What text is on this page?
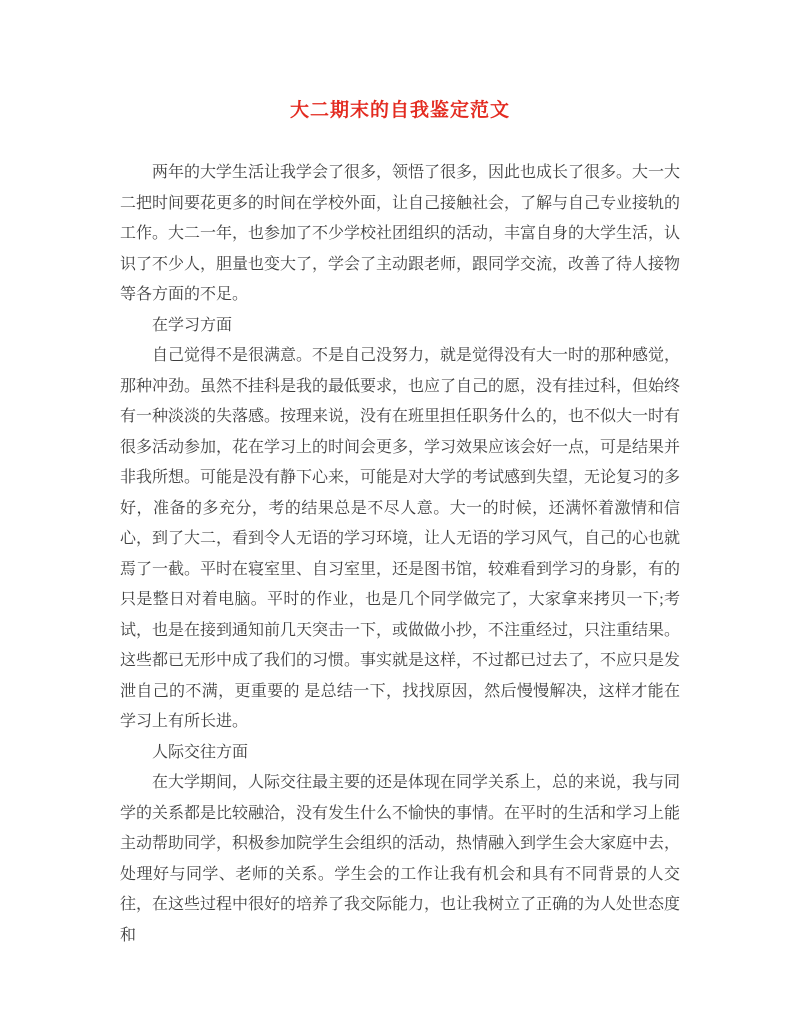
大二期末的自我鉴定范文

两年的大学生活让我学会了很多，领悟了很多，因此也成长了很多。大一大二把时间要花更多的时间在学校外面，让自己接触社会，了解与自己专业接轨的工作。大二一年，也参加了不少学校社团组织的活动，丰富自身的大学生活，认识了不少人，胆量也变大了，学会了主动跟老师，跟同学交流，改善了待人接物等各方面的不足。

在学习方面

自己觉得不是很满意。不是自己没努力，就是觉得没有大一时的那种感觉，那种冲劲。虽然不挂科是我的最低要求，也应了自己的愿，没有挂过科，但始终有一种淡淡的失落感。按理来说，没有在班里担任职务什么的，也不似大一时有很多活动参加，花在学习上的时间会更多，学习效果应该会好一点，可是结果并非我所想。可能是没有静下心来，可能是对大学的考试感到失望，无论复习的多好，准备的多充分，考的结果总是不尽人意。大一的时候，还满怀着激情和信心，到了大二，看到令人无语的学习环境，让人无语的学习风气，自己的心也就焉了一截。平时在寝室里、自习室里，还是图书馆，较难看到学习的身影，有的只是整日对着电脑。平时的作业，也是几个同学做完了，大家拿来拷贝一下;考试，也是在接到通知前几天突击一下，或做做小抄，不注重经过，只注重结果。这些都已无形中成了我们的习惯。事实就是这样，不过都已过去了，不应只是发泄自己的不满，更重要的 是总结一下，找找原因，然后慢慢解决，这样才能在学习上有所长进。

人际交往方面

在大学期间，人际交往最主要的还是体现在同学关系上，总的来说，我与同学的关系都是比较融洽，没有发生什么不愉快的事情。在平时的生活和学习上能主动帮助同学，积极参加院学生会组织的活动，热情融入到学生会大家庭中去，处理好与同学、老师的关系。学生会的工作让我有机会和具有不同背景的人交往，在这些过程中很好的培养了我交际能力，也让我树立了正确的为人处世态度和
